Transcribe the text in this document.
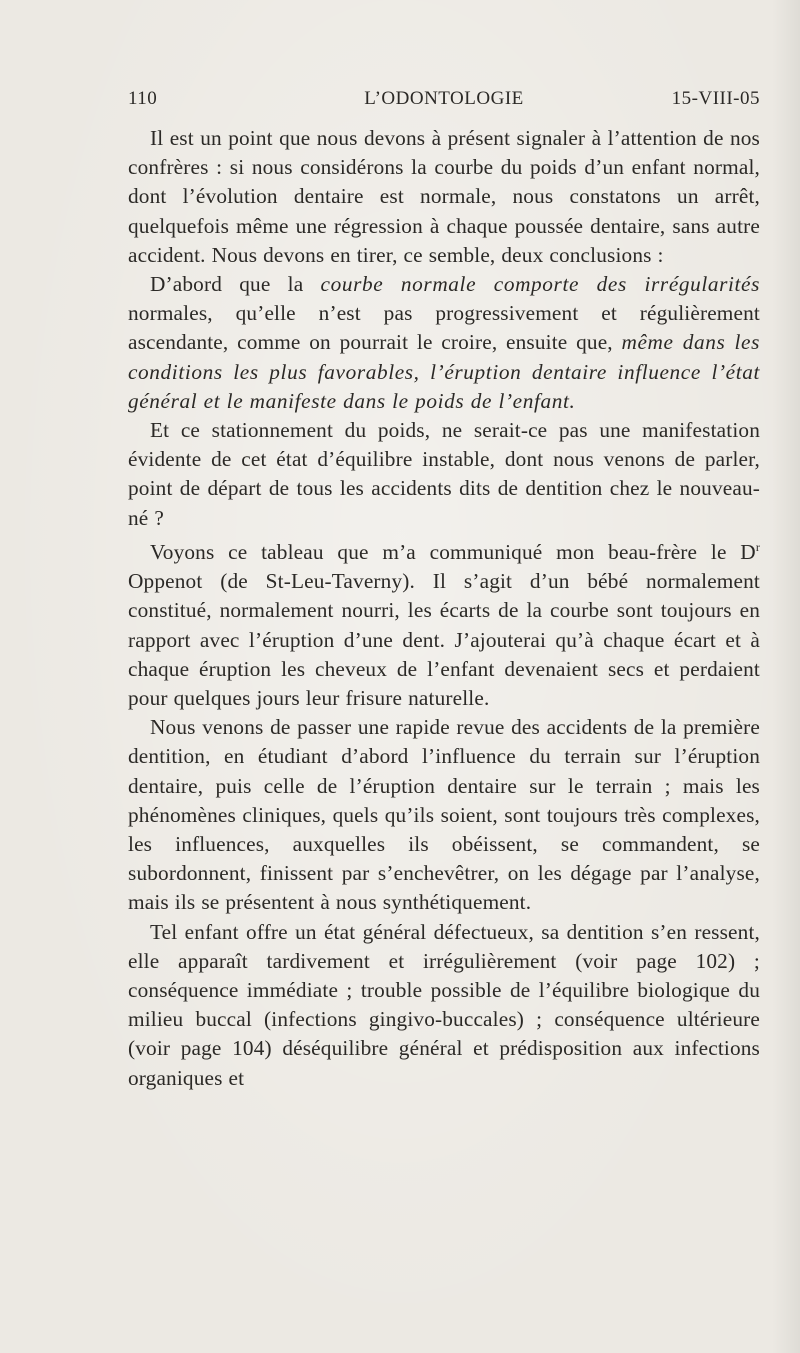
110	L’ODONTOLOGIE	15-VIII-05

Il est un point que nous devons à présent signaler à l’attention de nos confrères : si nous considérons la courbe du poids d’un enfant normal, dont l’évolution dentaire est normale, nous constatons un arrêt, quelquefois même une régression à chaque poussée dentaire, sans autre accident. Nous devons en tirer, ce semble, deux conclusions :

D’abord que la courbe normale comporte des irrégularités normales, qu’elle n’est pas progressivement et régulièrement ascendante, comme on pourrait le croire, ensuite que, même dans les conditions les plus favorables, l’éruption dentaire influence l’état général et le manifeste dans le poids de l’enfant.

Et ce stationnement du poids, ne serait-ce pas une manifestation évidente de cet état d’équilibre instable, dont nous venons de parler, point de départ de tous les accidents dits de dentition chez le nouveau-né ?

Voyons ce tableau que m’a communiqué mon beau-frère le $D^r$ Oppenot (de St-Leu-Taverny). Il s’agit d’un bébé normalement constitué, normalement nourri, les écarts de la courbe sont toujours en rapport avec l’éruption d’une dent. J’ajouterai qu’à chaque écart et à chaque éruption les cheveux de l’enfant devenaient secs et perdaient pour quelques jours leur frisure naturelle.

Nous venons de passer une rapide revue des accidents de la première dentition, en étudiant d’abord l’influence du terrain sur l’éruption dentaire, puis celle de l’éruption dentaire sur le terrain ; mais les phénomènes cliniques, quels qu’ils soient, sont toujours très complexes, les influences, auxquelles ils obéissent, se commandent, se subordonnent, finissent par s’enchevêtrer, on les dégage par l’analyse, mais ils se présentent à nous synthétiquement.

Tel enfant offre un état général défectueux, sa dentition s’en ressent, elle apparaît tardivement et irrégulièrement (voir page 102) ; conséquence immédiate ; trouble possible de l’équilibre biologique du milieu buccal (infections gingivo-buccales) ; conséquence ultérieure (voir page 104) déséquilibre général et prédisposition aux infections organiques et
